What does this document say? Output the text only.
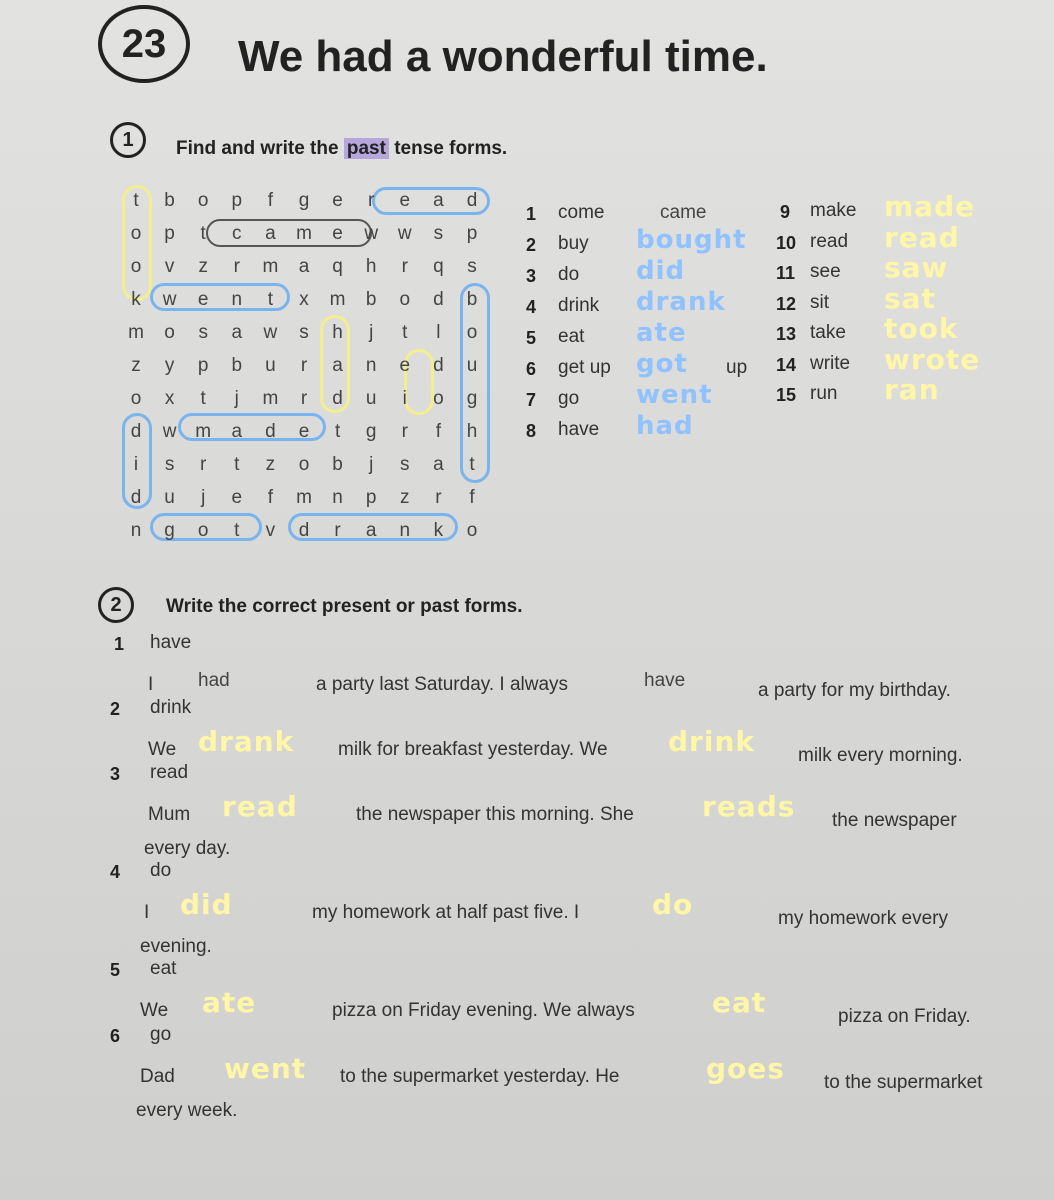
23 We had a wonderful time.
1 Find and write the past tense forms.
t	b	o	p	f	g	e	r	e	a	d
o	p	t	c	a	m	e	w	w	s	p
o	v	z	r	m	a	q	h	r	q	s
k	w	e	n	t	x	m	b	o	d	b
m	o	s	a	w	s	h	j	t	l	o
z	y	p	b	u	r	a	n	e	d	u
o	x	t	j	m	r	d	u	i	o	g
d	w m	a	d	e	t	g	r	f	h
i	s	r	t	z	o	b	j	s	a	t
d	u	j	e	f	m	n	p	z	r	f
n	g	o	t	v	d	r	a	n	k	o
1 come	came
2 buy bought
3 do did
4 drink drank
5 eat ate
6 get up got up
7 go went
8 have had
9 make made
10 read read
11 see saw
12 sit sat
13 take took
14 write wrote
15 run ran
2 Write the correct present or past forms.
1 have
I had	have
a party last Saturday. I always	a party for my birthday.
2 drink
We drank	drink
milk for breakfast yesterday. We	milk every morning.
3 read
Mum read	reads
the newspaper this morning. She	the newspaper
every day.
4 do
I did	do
my homework at half past five. I	my homework every
evening.
5 eat
We ate	eat
pizza on Friday evening. We always	pizza on Friday.
6 go
Dad went	goes
to the supermarket yesterday. He	to the supermarket
every week.
